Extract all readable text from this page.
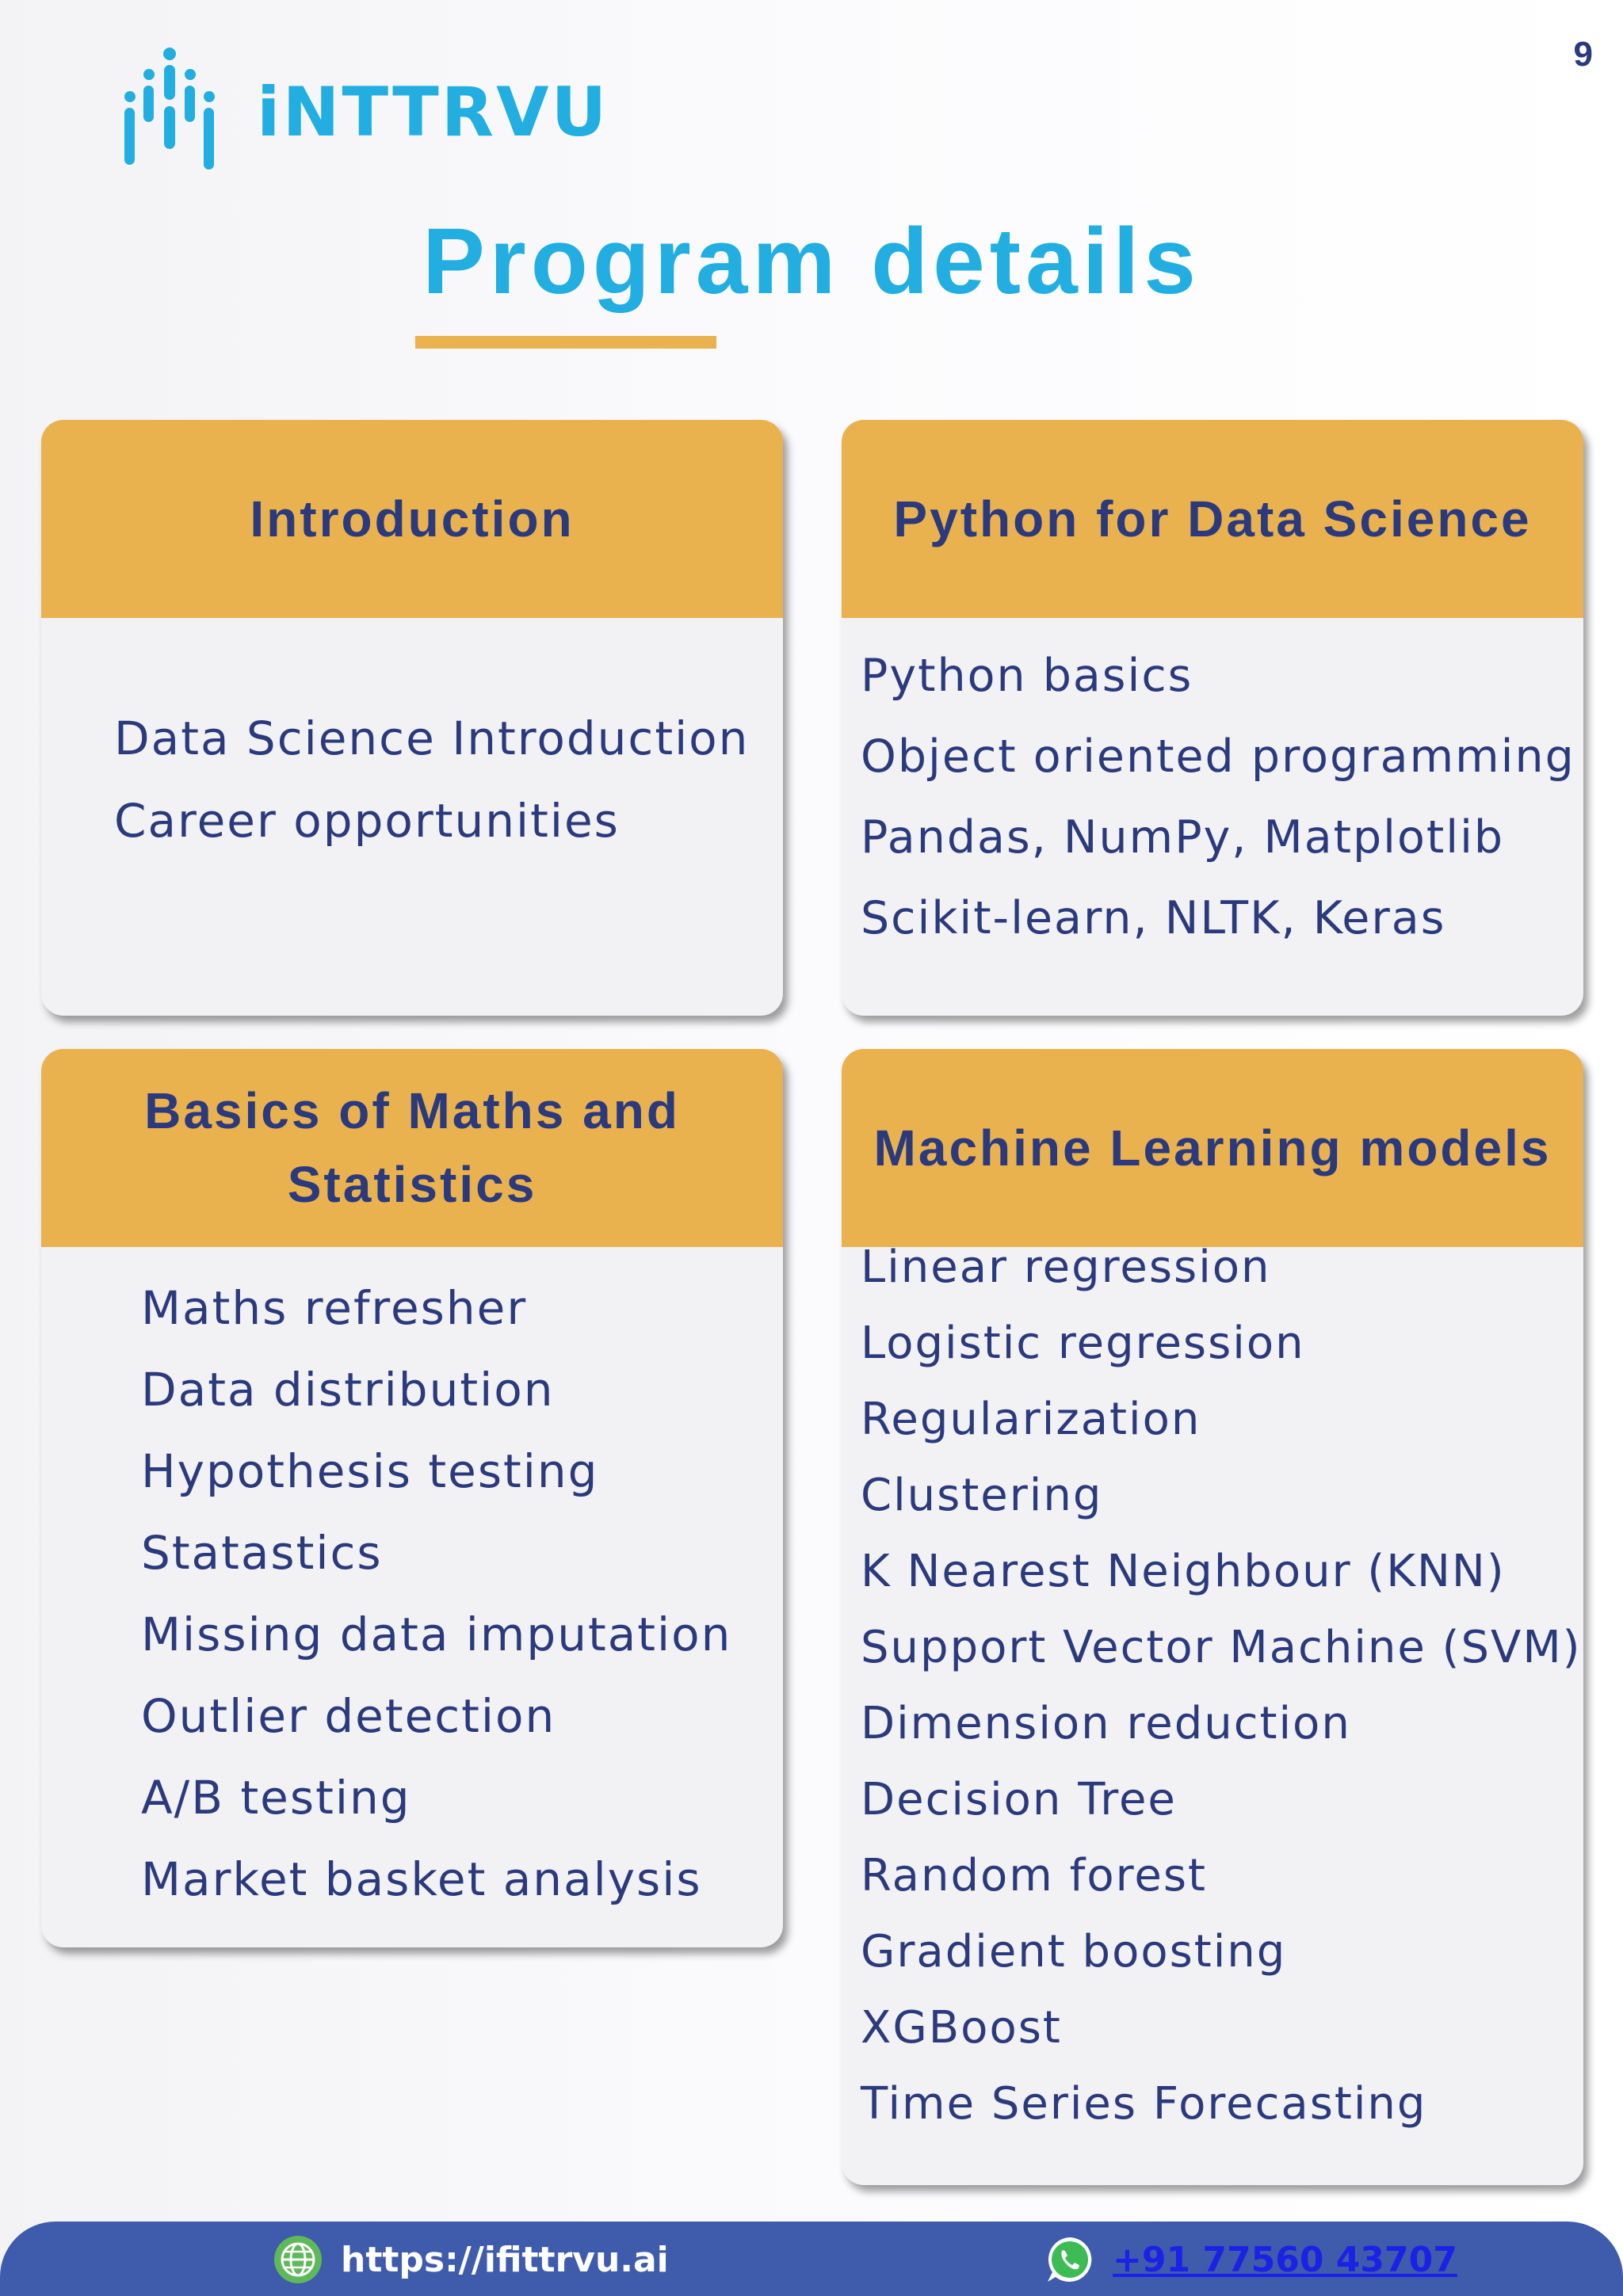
9
iNTTRVU
Program details
Introduction
Data Science Introduction
Career opportunities
Python for Data Science
Python basics
Object oriented programming
Pandas, NumPy, Matplotlib
Scikit-learn, NLTK, Keras
Basics of Maths and
Statistics
Maths refresher
Data distribution
Hypothesis testing
Statastics
Missing data imputation
Outlier detection
A/B testing
Market basket analysis
Machine Learning models
Linear regression
Logistic regression
Regularization
Clustering
K Nearest Neighbour (KNN)
Support Vector Machine (SVM)
Dimension reduction
Decision Tree
Random forest
Gradient boosting
XGBoost
Time Series Forecasting
https://ifittrvu.ai	+91 77560 43707
